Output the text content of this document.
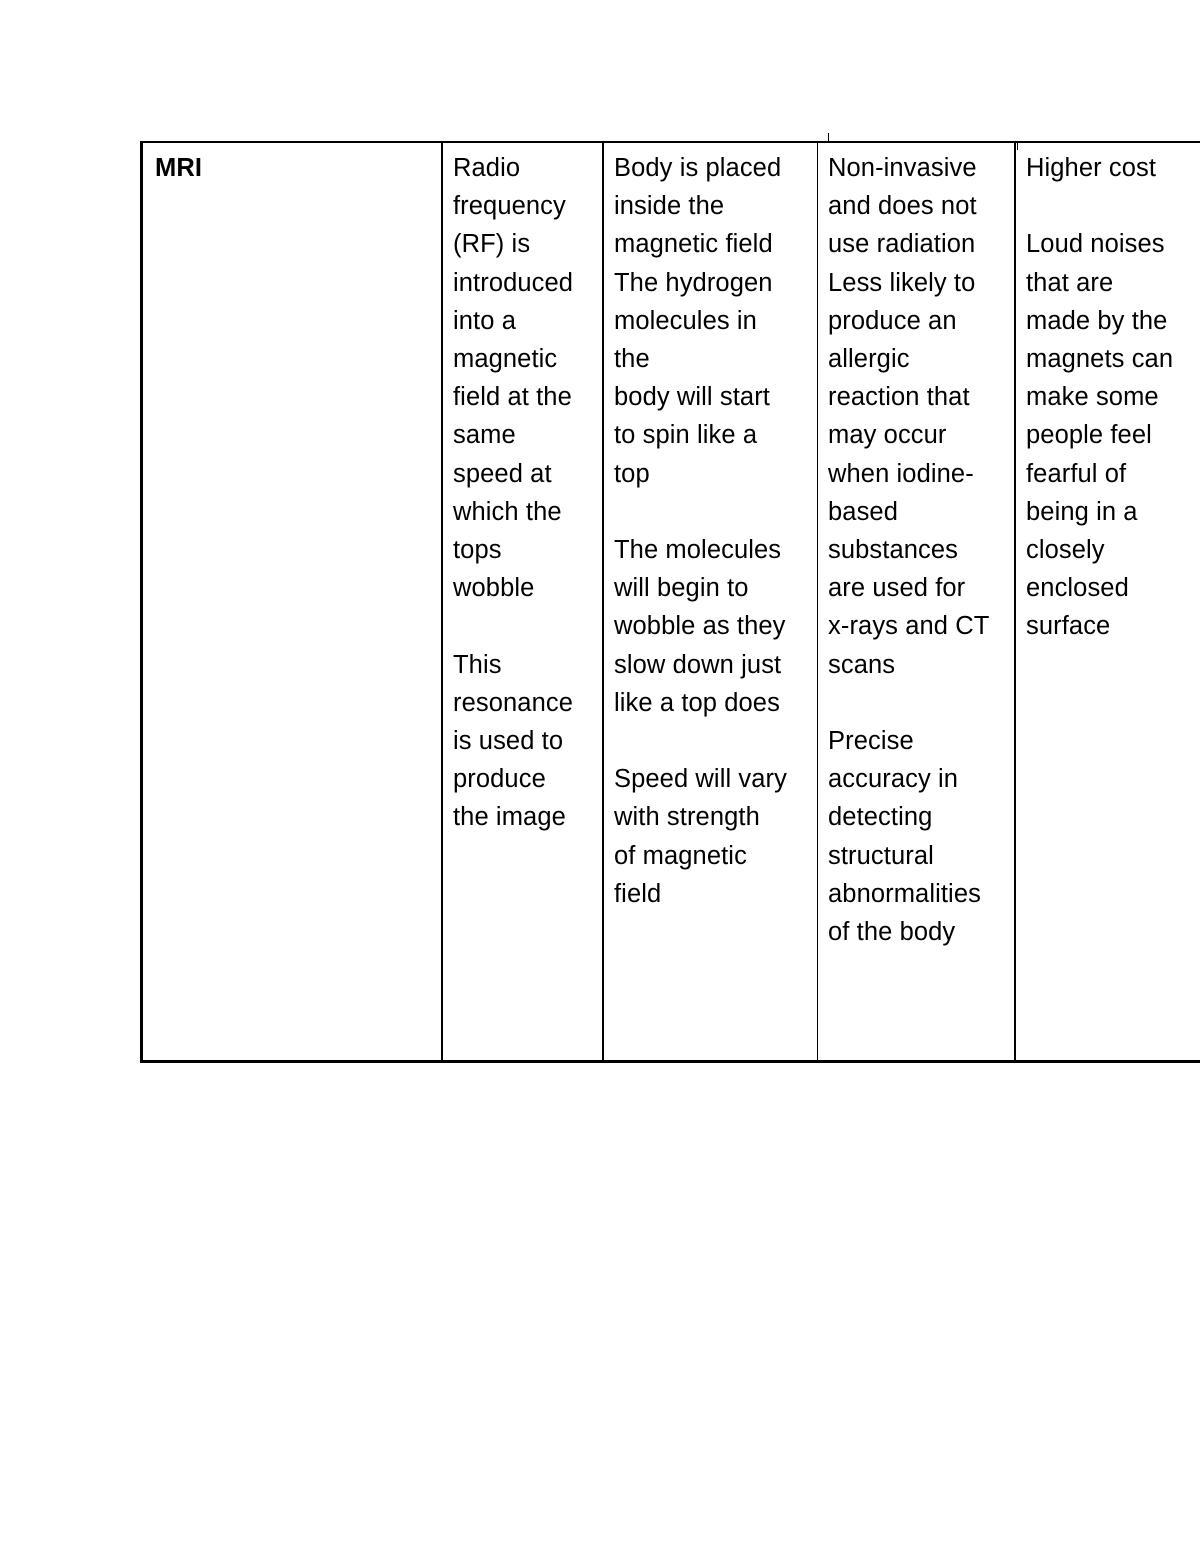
MRI	Radio
frequency
(RF) is
introduced
into a
magnetic
field at the
same
speed at
which the
tops
wobble

This
resonance
is used to
produce
the image
Body is placed
inside the
magnetic field
The hydrogen
molecules in
the
body will start
to spin like a
top

The molecules
will begin to
wobble as they
slow down just
like a top does

Speed will vary
with strength
of magnetic
field
Non-invasive
and does not
use radiation
Less likely to
produce an
allergic
reaction that
may occur
when iodine-
based
substances
are used for
x-rays and CT
scans

Precise
accuracy in
detecting
structural
abnormalities
of the body
Higher cost

Loud noises
that are
made by the
magnets can
make some
people feel
fearful of
being in a
closely
enclosed
surface
